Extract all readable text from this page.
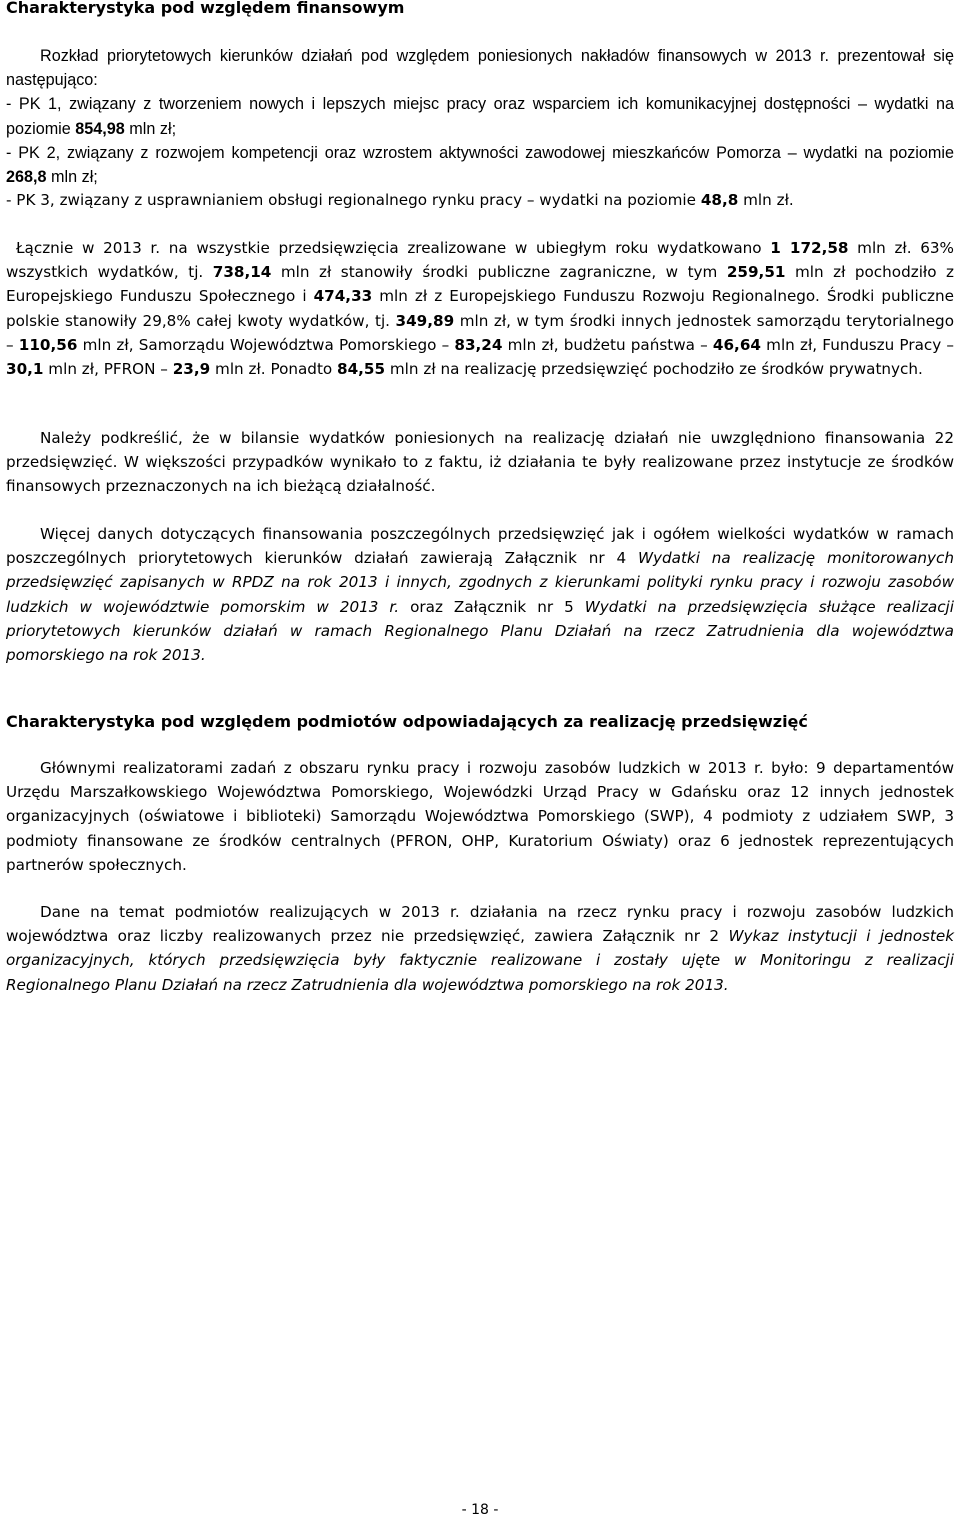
Charakterystyka pod względem finansowym

Rozkład priorytetowych kierunków działań pod względem poniesionych nakładów finansowych w 2013 r. prezentował się następująco:

- PK 1, związany z tworzeniem nowych i lepszych miejsc pracy oraz wsparciem ich komunikacyjnej dostępności – wydatki na poziomie 854,98 mln zł;

- PK 2, związany z rozwojem kompetencji oraz wzrostem aktywności zawodowej mieszkańców Pomorza – wydatki na poziomie 268,8 mln zł;

- PK 3, związany z usprawnianiem obsługi regionalnego rynku pracy – wydatki na poziomie 48,8 mln zł.

Łącznie w 2013 r. na wszystkie przedsięwzięcia zrealizowane w ubiegłym roku wydatkowano 1 172,58 mln zł. 63% wszystkich wydatków, tj. 738,14 mln zł stanowiły środki publiczne zagraniczne, w tym 259,51 mln zł pochodziło z Europejskiego Funduszu Społecznego i 474,33 mln zł z Europejskiego Funduszu Rozwoju Regionalnego. Środki publiczne polskie stanowiły 29,8% całej kwoty wydatków, tj. 349,89 mln zł, w tym środki innych jednostek samorządu terytorialnego – 110,56 mln zł, Samorządu Województwa Pomorskiego – 83,24 mln zł, budżetu państwa – 46,64 mln zł, Funduszu Pracy – 30,1 mln zł, PFRON – 23,9 mln zł. Ponadto 84,55 mln zł na realizację przedsięwzięć pochodziło ze środków prywatnych.

Należy podkreślić, że w bilansie wydatków poniesionych na realizację działań nie uwzględniono finansowania 22 przedsięwzięć. W większości przypadków wynikało to z faktu, iż działania te były realizowane przez instytucje ze środków finansowych przeznaczonych na ich bieżącą działalność.

Więcej danych dotyczących finansowania poszczególnych przedsięwzięć jak i ogółem wielkości wydatków w ramach poszczególnych priorytetowych kierunków działań zawierają Załącznik nr 4 Wydatki na realizację monitorowanych przedsięwzięć zapisanych w RPDZ na rok 2013 i innych, zgodnych z kierunkami polityki rynku pracy i rozwoju zasobów ludzkich w województwie pomorskim w 2013 r. oraz Załącznik nr 5 Wydatki na przedsięwzięcia służące realizacji priorytetowych kierunków działań w ramach Regionalnego Planu Działań na rzecz Zatrudnienia dla województwa pomorskiego na rok 2013.

Charakterystyka pod względem podmiotów odpowiadających za realizację przedsięwzięć

Głównymi realizatorami zadań z obszaru rynku pracy i rozwoju zasobów ludzkich w 2013 r. było: 9 departamentów Urzędu Marszałkowskiego Województwa Pomorskiego, Wojewódzki Urząd Pracy w Gdańsku oraz 12 innych jednostek organizacyjnych (oświatowe i biblioteki) Samorządu Województwa Pomorskiego (SWP), 4 podmioty z udziałem SWP, 3 podmioty finansowane ze środków centralnych (PFRON, OHP, Kuratorium Oświaty) oraz 6 jednostek reprezentujących partnerów społecznych.

Dane na temat podmiotów realizujących w 2013 r. działania na rzecz rynku pracy i rozwoju zasobów ludzkich województwa oraz liczby realizowanych przez nie przedsięwzięć, zawiera Załącznik nr 2 Wykaz instytucji i jednostek organizacyjnych, których przedsięwzięcia były faktycznie realizowane i zostały ujęte w Monitoringu z realizacji Regionalnego Planu Działań na rzecz Zatrudnienia dla województwa pomorskiego na rok 2013.

- 18 -
